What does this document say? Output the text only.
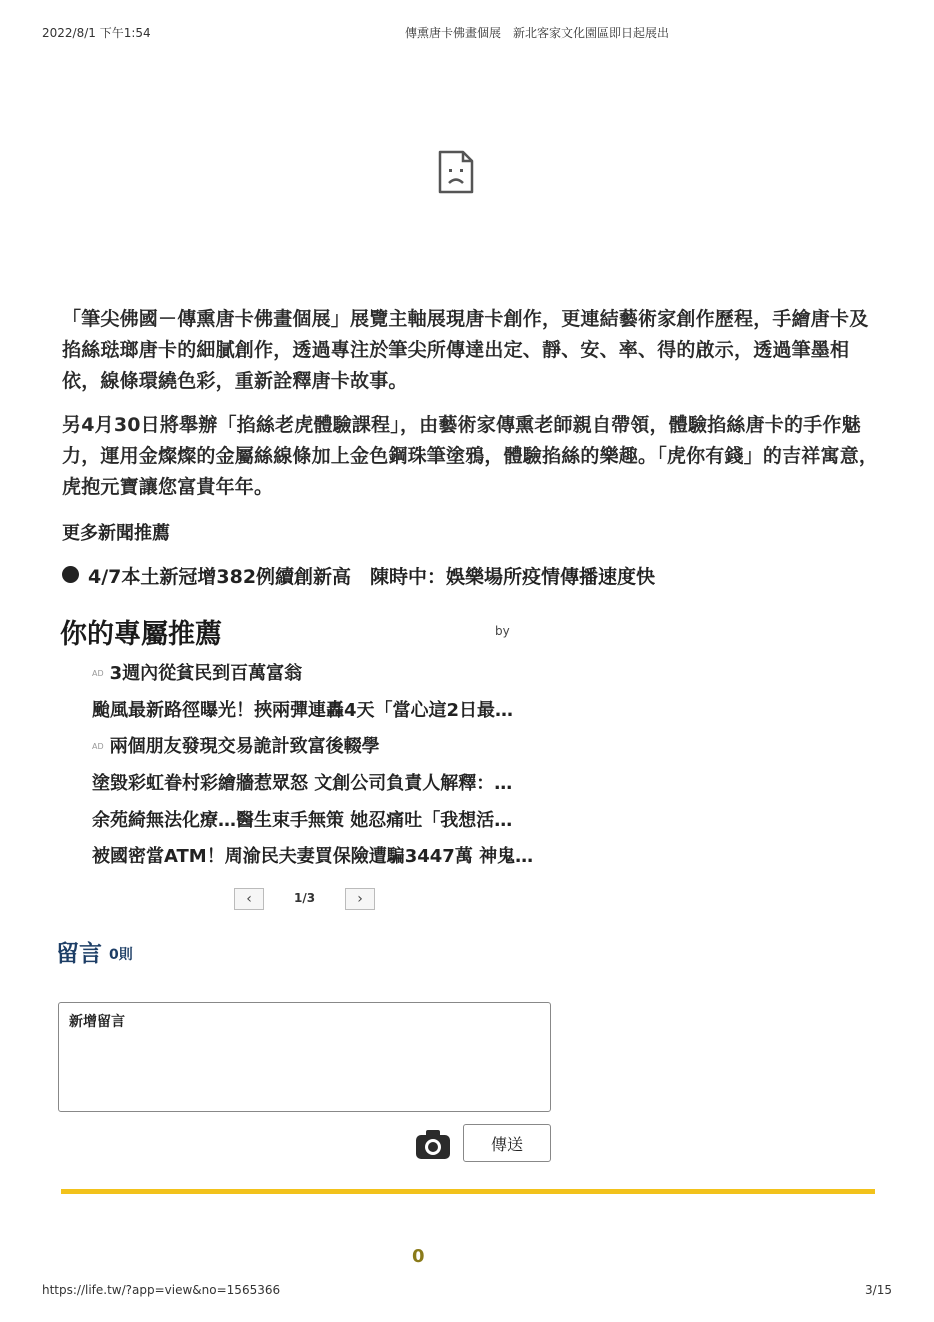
2022/8/1 下午1:54	傳熏唐卡佛畫個展　新北客家文化園區即日起展出

「筆尖佛國－傳熏唐卡佛畫個展」展覽主軸展現唐卡創作，更連結藝術家創作歷程，手繪唐卡及掐絲琺瑯唐卡的細膩創作，透過專注於筆尖所傳達出定、靜、安、率、得的啟示，透過筆墨相依，線條環繞色彩，重新詮釋唐卡故事。

另4月30日將舉辦「掐絲老虎體驗課程」，由藝術家傳熏老師親自帶領，體驗掐絲唐卡的手作魅力，運用金燦燦的金屬絲線條加上金色鋼珠筆塗鴉，體驗掐絲的樂趣。「虎你有錢」的吉祥寓意，虎抱元寶讓您富貴年年。

更多新聞推薦
4/7本土新冠增382例續創新高　陳時中：娛樂場所疫情傳播速度快
你的專屬推薦	by
AD 3週內從貧民到百萬富翁
颱風最新路徑曝光！挾兩彈連轟4天「當心這2日最…
AD 兩個朋友發現交易詭計致富後輟學
塗毀彩虹眷村彩繪牆惹眾怒 文創公司負責人解釋：…
余苑綺無法化療…醫生束手無策 她忍痛吐「我想活…
被國密當ATM！周渝民夫妻買保險遭騙3447萬 神鬼…
‹	1/3	›
留言 0則
新增留言
傳送
0
https://life.tw/?app=view&no=1565366	3/15
